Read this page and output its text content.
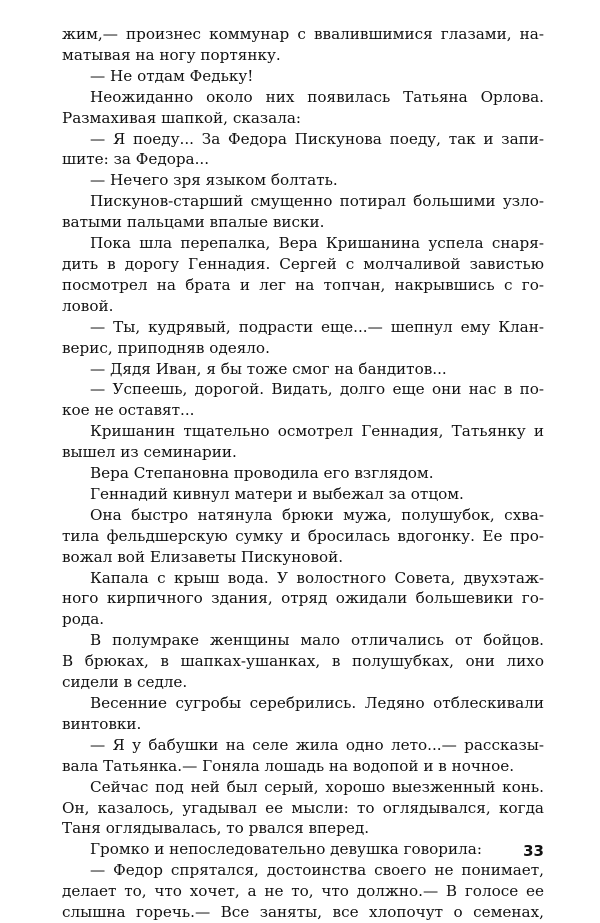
жим,— произнес коммунар с ввалившимися глазами, на-
матывая на ногу портянку.
— Не отдам Федьку!
Неожиданно около них появилась Татьяна Орлова.
Размахивая шапкой, сказала:
— Я поеду... За Федора Пискунова поеду, так и запи-
шите: за Федора...
— Нечего зря языком болтать.
Пискунов-старший смущенно потирал большими узло-
ватыми пальцами впалые виски.
Пока шла перепалка, Вера Кришанина успела снаря-
дить в дорогу Геннадия. Сергей с молчаливой завистью
посмотрел на брата и лег на топчан, накрывшись с го-
ловой.
— Ты, кудрявый, подрасти еще...— шепнул ему Клан-
верис, приподняв одеяло.
— Дядя Иван, я бы тоже смог на бандитов...
— Успеешь, дорогой. Видать, долго еще они нас в по-
кое не оставят...
Кришанин тщательно осмотрел Геннадия, Татьянку и
вышел из семинарии.
Вера Степановна проводила его взглядом.
Геннадий кивнул матери и выбежал за отцом.
Она быстро натянула брюки мужа, полушубок, схва-
тила фельдшерскую сумку и бросилась вдогонку. Ее про-
вожал вой Елизаветы Пискуновой.
Капала с крыш вода. У волостного Совета, двухэтаж-
ного кирпичного здания, отряд ожидали большевики го-
рода.
В полумраке женщины мало отличались от бойцов.
В брюках, в шапках-ушанках, в полушубках, они лихо
сидели в седле.
Весенние сугробы серебрились. Ледяно отблескивали
винтовки.
— Я у бабушки на селе жила одно лето...— рассказы-
вала Татьянка.— Гоняла лошадь на водопой и в ночное.
Сейчас под ней был серый, хорошо выезженный конь.
Он, казалось, угадывал ее мысли: то оглядывался, когда
Таня оглядывалась, то рвался вперед.
Громко и непоследовательно девушка говорила:
— Федор спрятался, достоинства своего не понимает,
делает то, что хочет, а не то, что должно.— В голосе ее
слышна горечь.— Все заняты, все хлопочут о семенах,
33
